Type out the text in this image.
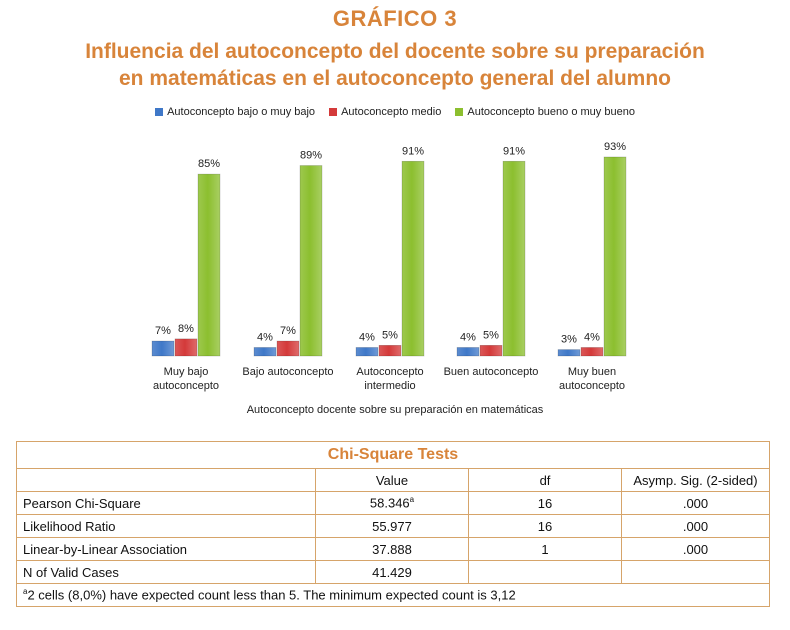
GRÁFICO 3
Influencia del autoconcepto del docente sobre su preparación
en matemáticas en el autoconcepto general del alumno
Autoconcepto bajo o muy bajo Autoconcepto medio Autoconcepto bueno o muy bueno
7% 8%
85%
Muy bajo autoconcepto
4%
7%
89%
Bajo autoconcepto
4% 5%
91%
Autoconcepto intermedio
4% 5%
91%
Buen autoconcepto
3% 4%
93%
Muy buen autoconcepto
Autoconcepto docente sobre su preparación en matemáticas
Chi-Square Tests			
	Value	df	Asymp. Sig. (2-sided)
Pearson Chi-Square	58.346$^a$	16	.000
Likelihood Ratio	55.977	16	.000
Linear-by-Linear Association	37.888	1	.000
N of Valid Cases	41.429		
$^a$2 cells (8,0%) have expected count less than 5. The minimum expected count is 3,12			
